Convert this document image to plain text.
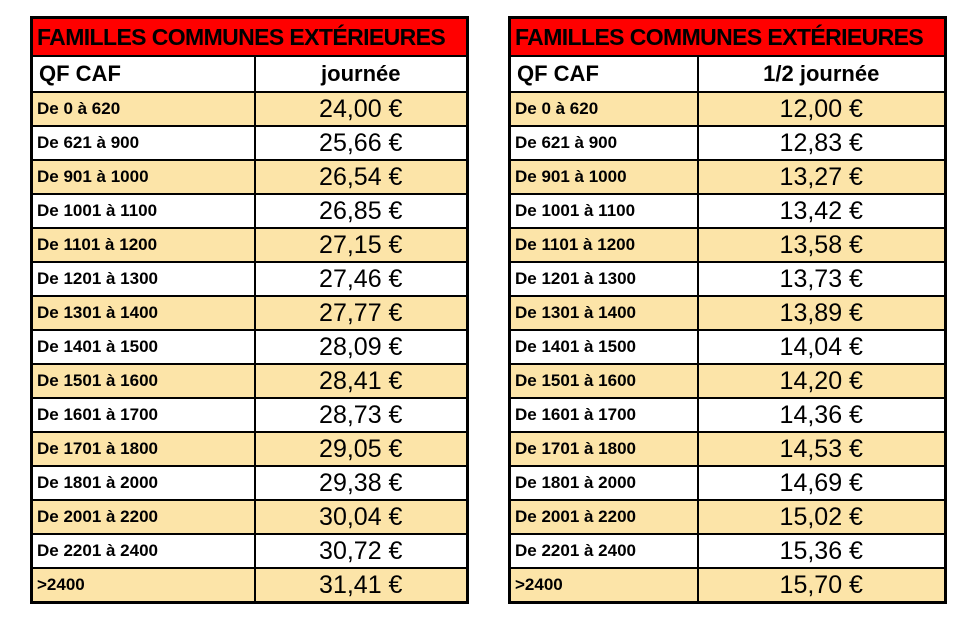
FAMILLES COMMUNES EXTÉRIEURES	
QF CAF	journée
De 0 à 620	24,00 €
De 621 à 900	25,66 €
De 901 à 1000	26,54 €
De 1001 à 1100	26,85 €
De 1101 à 1200	27,15 €
De 1201 à 1300	27,46 €
De 1301 à 1400	27,77 €
De 1401 à 1500	28,09 €
De 1501 à 1600	28,41 €
De 1601 à 1700	28,73 €
De 1701 à 1800	29,05 €
De 1801 à 2000	29,38 €
De 2001 à 2200	30,04 €
De 2201 à 2400	30,72 €
>2400	31,41 €
FAMILLES COMMUNES EXTÉRIEURES	
QF CAF	1/2 journée
De 0 à 620	12,00 €
De 621 à 900	12,83 €
De 901 à 1000	13,27 €
De 1001 à 1100	13,42 €
De 1101 à 1200	13,58 €
De 1201 à 1300	13,73 €
De 1301 à 1400	13,89 €
De 1401 à 1500	14,04 €
De 1501 à 1600	14,20 €
De 1601 à 1700	14,36 €
De 1701 à 1800	14,53 €
De 1801 à 2000	14,69 €
De 2001 à 2200	15,02 €
De 2201 à 2400	15,36 €
>2400	15,70 €
